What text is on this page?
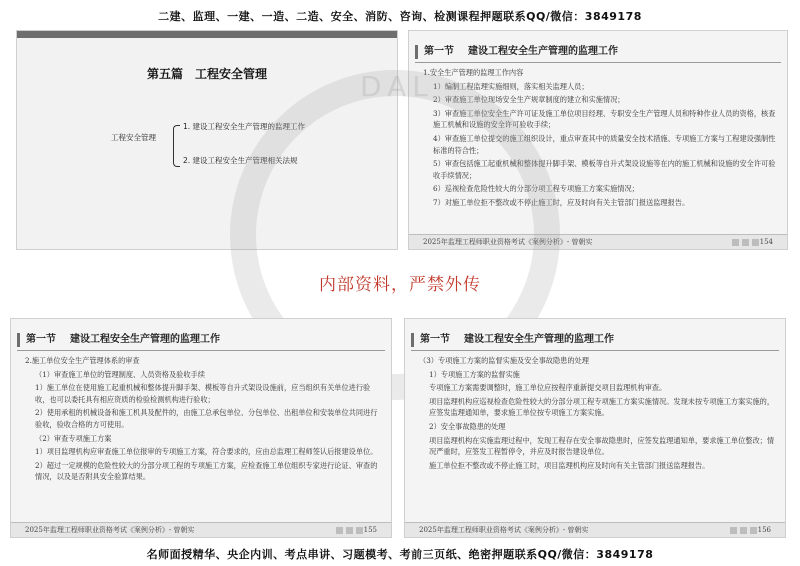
二建、监理、一建、一造、二造、安全、消防、咨询、检测课程押题联系QQ/微信：3849178
第五篇　工程安全管理
工程安全管理
1. 建设工程安全生产管理的监理工作
2. 建设工程安全生产管理相关法规
第一节 建设工程安全生产管理的监理工作

1.安全生产管理的监理工作内容

1）编制工程监理实施细则，落实相关监理人员；

2）审查施工单位现场安全生产规章制度的建立和实施情况；

3）审查施工单位安全生产许可证及施工单位项目经理、专职安全生产管理人员和特种作业人员的资格，核查施工机械和设施的安全许可验收手续；

4）审查施工单位提交的施工组织设计，重点审查其中的质量安全技术措施、专项施工方案与工程建设强制性标准的符合性；

5）审查包括施工起重机械和整体提升脚手架、模板等自升式架设设施等在内的施工机械和设施的安全许可验收手续情况；

6）巡视检查危险性较大的分部分项工程专项施工方案实施情况；

7）对施工单位拒不整改或不停止施工时，应及时向有关主管部门报送监理报告。

2025年监理工程师职业资格考试《案例分析》- 曾朝实	154
DAL
内部资料，严禁外传
第一节 建设工程安全生产管理的监理工作

2.施工单位安全生产管理体系的审查

（1）审查施工单位的管理制度、人员资格及验收手续

1）施工单位在使用施工起重机械和整体提升脚手架、模板等自升式架设设施前，应当组织有关单位进行验收，也可以委托具有相应资质的检验检测机构进行验收；

2）使用承租的机械设备和施工机具及配件的，由施工总承包单位、分包单位、出租单位和安装单位共同进行验收，验收合格的方可使用。

（2）审查专项施工方案

1）项目监理机构应审查施工单位报审的专项施工方案，符合要求的，应由总监理工程师签认后报建设单位。

2）超过一定规模的危险性较大的分部分项工程的专项施工方案，应检查施工单位组织专家进行论证、审查的情况，以及是否附具安全验算结果。

2025年监理工程师职业资格考试《案例分析》- 曾朝实	155
第一节 建设工程安全生产管理的监理工作

（3）专项施工方案的监督实施及安全事故隐患的处理

1）专项施工方案的监督实施

专项施工方案需要调整时，施工单位应按程序重新提交项目监理机构审查。

项目监理机构应巡视检查危险性较大的分部分项工程专项施工方案实施情况。发现未按专项施工方案实施的，应签发监理通知单，要求施工单位按专项施工方案实施。

2）安全事故隐患的处理

项目监理机构在实施监理过程中，发现工程存在安全事故隐患时，应签发监理通知单，要求施工单位整改；情况严重时，应签发工程暂停令，并应及时报告建设单位。

施工单位拒不整改或不停止施工时，项目监理机构应及时向有关主管部门报送监理报告。

2025年监理工程师职业资格考试《案例分析》- 曾朝实	156
名师面授精华、央企内训、考点串讲、习题模考、考前三页纸、绝密押题联系QQ/微信：3849178
